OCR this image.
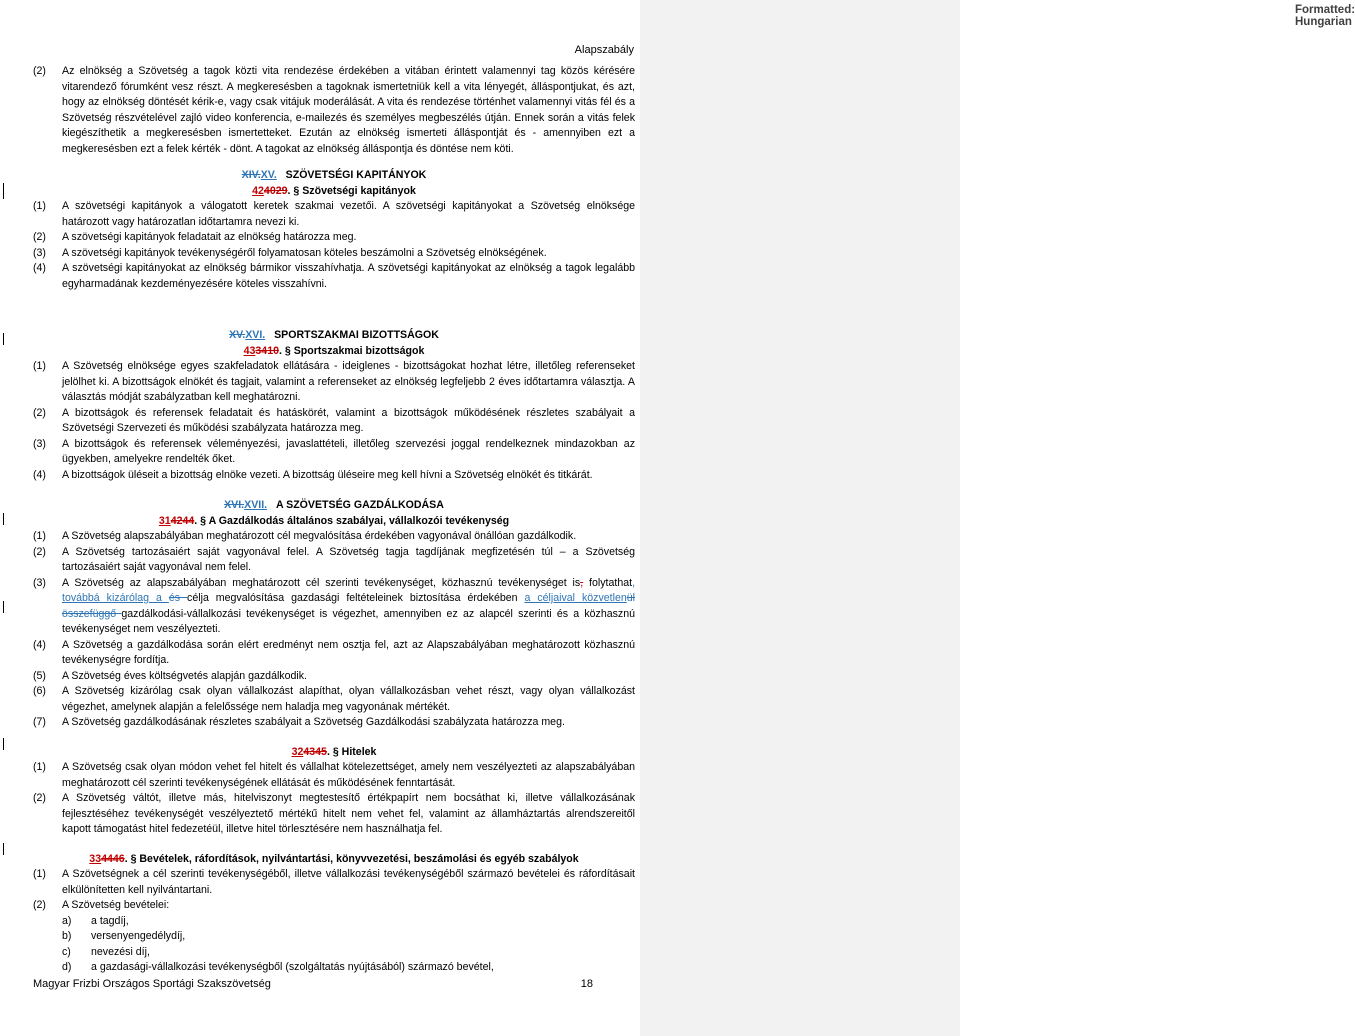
Formatted: Hungarian
Alapszabály

(2) Az elnökség a Szövetség a tagok közti vita rendezése érdekében a vitában érintett valamennyi tag közös kérésére vitarendező fórumként vesz részt. A megkeresésben a tagoknak ismertetniük kell a vita lényegét, álláspontjukat, és azt, hogy az elnökség döntését kérik-e, vagy csak vitájuk moderálását. A vita és rendezése történhet valamennyi vitás fél és a Szövetség részvételével zajló video konferencia, e-mailezés és személyes megbeszélés útján. Ennek során a vitás felek kiegészíthetik a megkeresésben ismertetteket. Ezután az elnökség ismerteti álláspontját és - amennyiben ezt a megkeresésben ezt a felek kérték - dönt. A tagokat az elnökség álláspontja és döntése nem köti.

XIV.XV. SZÖVETSÉGI KAPITÁNYOK

424029. § Szövetségi kapitányok

(1) A szövetségi kapitányok a válogatott keretek szakmai vezetői. A szövetségi kapitányokat a Szövetség elnöksége határozott vagy határozatlan időtartamra nevezi ki.

(2) A szövetségi kapitányok feladatait az elnökség határozza meg.

(3) A szövetségi kapitányok tevékenységéről folyamatosan köteles beszámolni a Szövetség elnökségének.

(4) A szövetségi kapitányokat az elnökség bármikor visszahívhatja. A szövetségi kapitányokat az elnökség a tagok legalább egyharmadának kezdeményezésére köteles visszahívni.

XV.XVI. SPORTSZAKMAI BIZOTTSÁGOK

433410. § Sportszakmai bizottságok

(1) A Szövetség elnöksége egyes szakfeladatok ellátására - ideiglenes - bizottságokat hozhat létre, illetőleg referenseket jelölhet ki. A bizottságok elnökét és tagjait, valamint a referenseket az elnökség legfeljebb 2 éves időtartamra választja. A választás módját szabályzatban kell meghatározni.

(2) A bizottságok és referensek feladatait és hatáskörét, valamint a bizottságok működésének részletes szabályait a Szövetségi Szervezeti és működési szabályzata határozza meg.

(3) A bizottságok és referensek véleményezési, javaslattételi, illetőleg szervezési joggal rendelkeznek mindazokban az ügyekben, amelyekre rendelték őket.

(4) A bizottságok üléseit a bizottság elnöke vezeti. A bizottság üléseire meg kell hívni a Szövetség elnökét és titkárát.

XVI.XVII. A SZÖVETSÉG GAZDÁLKODÁSA

314244. § A Gazdálkodás általános szabályai, vállalkozói tevékenység

(1) A Szövetség alapszabályában meghatározott cél megvalósítása érdekében vagyonával önállóan gazdálkodik.

(2) A Szövetség tartozásaiért saját vagyonával felel. A Szövetség tagja tagdíjának megfizetésén túl – a Szövetség tartozásaiért saját vagyonával nem felel.

(3) A Szövetség az alapszabályában meghatározott cél szerinti tevékenységet, közhasznú tevékenységet is, folytathat, továbbá kizárólag a és célja megvalósítása gazdasági feltételeinek biztosítása érdekében a céljaival közvetlenül összefüggő gazdálkodási-vállalkozási tevékenységet is végezhet, amennyiben ez az alapcél szerinti és a közhasznú tevékenységet nem veszélyezteti.

(4) A Szövetség a gazdálkodása során elért eredményt nem osztja fel, azt az Alapszabályában meghatározott közhasznú tevékenységre fordítja.

(5) A Szövetség éves költségvetés alapján gazdálkodik.

(6) A Szövetség kizárólag csak olyan vállalkozást alapíthat, olyan vállalkozásban vehet részt, vagy olyan vállalkozást végezhet, amelynek alapján a felelőssége nem haladja meg vagyonának mértékét.

(7) A Szövetség gazdálkodásának részletes szabályait a Szövetség Gazdálkodási szabályzata határozza meg.

324345. § Hitelek

(1) A Szövetség csak olyan módon vehet fel hitelt és vállalhat kötelezettséget, amely nem veszélyezteti az alapszabályában meghatározott cél szerinti tevékenységének ellátását és működésének fenntartását.

(2) A Szövetség váltót, illetve más, hitelviszonyt megtestesítő értékpapírt nem bocsáthat ki, illetve vállalkozásának fejlesztéséhez tevékenységét veszélyeztető mértékű hitelt nem vehet fel, valamint az államháztartás alrendszereitől kapott támogatást hitel fedezetéül, illetve hitel törlesztésére nem használhatja fel.

334446. § Bevételek, ráfordítások, nyilvántartási, könyvvezetési, beszámolási és egyéb szabályok

(1) A Szövetségnek a cél szerinti tevékenységéből, illetve vállalkozási tevékenységéből származó bevételei és ráfordításait elkülönítetten kell nyilvántartani.

(2) A Szövetség bevételei:

a) a tagdíj,

b) versenyengedélydíj,

c) nevezési díj,

d) a gazdasági-vállalkozási tevékenységből (szolgáltatás nyújtásából) származó bevétel,

Magyar Frizbi Országos Sportági Szakszövetség	18
